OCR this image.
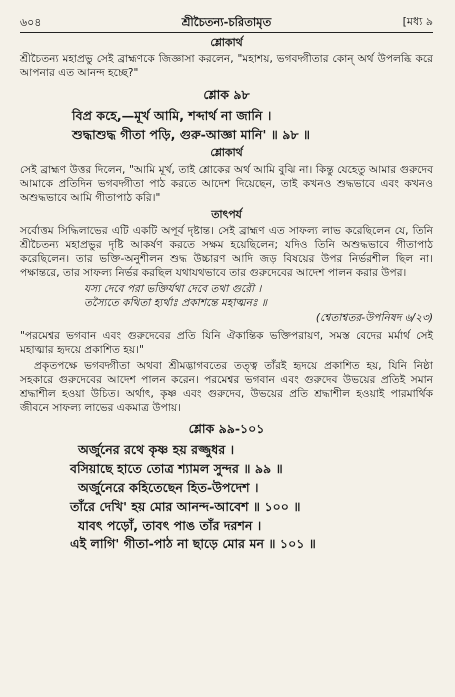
৬০৪	শ্রীচৈতন্য-চরিতামৃত	[মধ্য ৯
শ্লোকার্থ

শ্রীচৈতন্য মহাপ্রভু সেই ব্রাহ্মণকে জিজ্ঞাসা করলেন, "মহাশয়, ভগবদ্গীতার কোন্ অর্থ উপলব্ধি করে আপনার এত আনন্দ হচ্ছে?"

শ্লোক ৯৮
বিপ্র কহে,—মূর্খ আমি, শব্দার্থ না জানি ।
শুদ্ধাশুদ্ধ গীতা পড়ি, গুরু-আজ্ঞা মানি' ॥ ৯৮ ॥
শ্লোকার্থ

সেই ব্রাহ্মণ উত্তর দিলেন, "আমি মূর্খ, তাই শ্লোকের অর্থ আমি বুঝি না। কিন্তু যেহেতু আমার গুরুদেব আমাকে প্রতিদিন ভগবদ্গীতা পাঠ করতে আদেশ দিয়েছেন, তাই কখনও শুদ্ধভাবে এবং কখনও অশুদ্ধভাবে আমি গীতাপাঠ করি।"

তাৎপর্য

সর্বোত্তম সিদ্ধিলাভের এটি একটি অপূর্ব দৃষ্টান্ত। সেই ব্রাহ্মণ এত সাফল্য লাভ করেছিলেন যে, তিনি শ্রীচৈতন্য মহাপ্রভুর দৃষ্টি আকর্ষণ করতে সক্ষম হয়েছিলেন; যদিও তিনি অশুদ্ধভাবে গীতাপাঠ করেছিলেন। তার ভক্তি-অনুশীলন শুদ্ধ উচ্চারণ আদি জড় বিষয়ের উপর নির্ভরশীল ছিল না। পক্ষান্তরে, তার সাফল্য নির্ভর করছিল যথাযথভাবে তার গুরুদেবের আদেশ পালন করার উপর।

যস্য দেবে পরা ভক্তির্যথা দেবে তথা গুরৌ ।
তস্যৈতে কথিতা হ্যর্থাঃ প্রকাশন্তে মহাত্মনঃ ॥
(শ্বেতাশ্বতর-উপনিষদ ৬/২৩)

"পরমেশ্বর ভগবান এবং গুরুদেবের প্রতি যিনি ঐকান্তিক ভক্তিপরায়ণ, সমস্ত বেদের মর্মার্থ সেই মহাত্মার হৃদয়ে প্রকাশিত হয়।"

প্রকৃতপক্ষে ভগবদ্গীতা অথবা শ্রীমদ্ভাগবতের তত্ত্ব তাঁরই হৃদয়ে প্রকাশিত হয়, যিনি নিষ্ঠা সহকারে গুরুদেবের আদেশ পালন করেন। পরমেশ্বর ভগবান এবং গুরুদেব উভয়ের প্রতিই সমান শ্রদ্ধাশীল হওয়া উচিত। অর্থাৎ, কৃষ্ণ এবং গুরুদেব, উভয়ের প্রতি শ্রদ্ধাশীল হওয়াই পারমার্থিক জীবনে সাফল্য লাভের একমাত্র উপায়।

শ্লোক ৯৯-১০১
অর্জুনের রথে কৃষ্ণ হয় রজ্জুধর ।
বসিয়াছে হাতে তোত্র শ্যামল সুন্দর ॥ ৯৯ ॥
অর্জুনেরে কহিতেছেন হিত-উপদেশ ।
তাঁরে দেখি' হয় মোর আনন্দ-আবেশ ॥ ১০০ ॥
যাবৎ পড়োঁ, তাবৎ পাঙ তাঁর দরশন ।
এই লাগি' গীতা-পাঠ না ছাড়ে মোর মন ॥ ১০১ ॥
